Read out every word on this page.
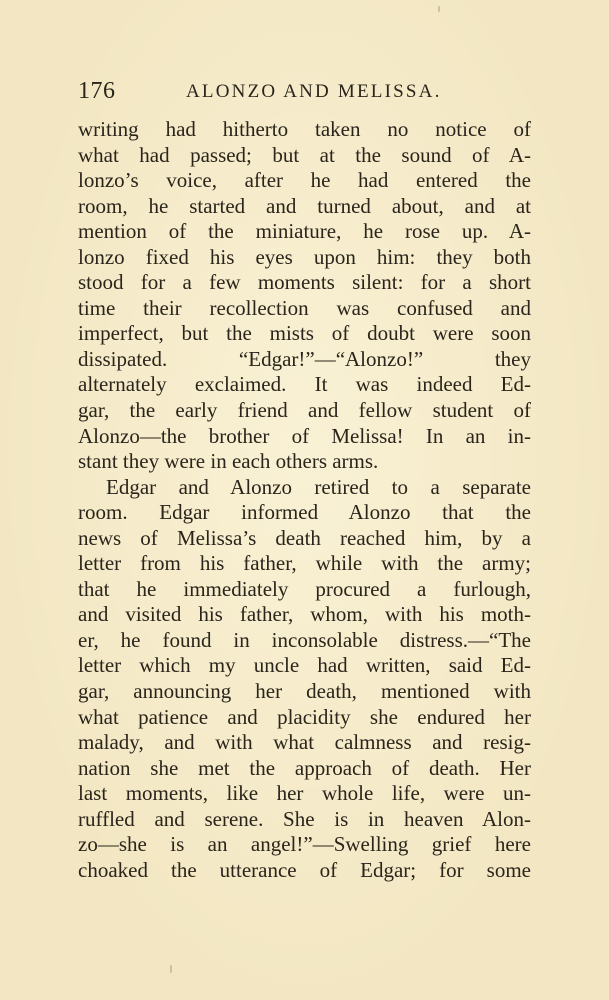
176	ALONZO AND MELISSA.
writing had hitherto taken no notice of
what had passed; but at the sound of A-
lonzo’s voice, after he had entered the
room, he started and turned about, and at
mention of the miniature, he rose up. A-
lonzo fixed his eyes upon him: they both
stood for a few moments silent: for a short
time their recollection was confused and
imperfect, but the mists of doubt were soon
dissipated. “Edgar!”—“Alonzo!” they
alternately exclaimed. It was indeed Ed-
gar, the early friend and fellow student of
Alonzo—the brother of Melissa! In an in-
stant they were in each others arms.
Edgar and Alonzo retired to a separate
room. Edgar informed Alonzo that the
news of Melissa’s death reached him, by a
letter from his father, while with the army;
that he immediately procured a furlough,
and visited his father, whom, with his moth-
er, he found in inconsolable distress.—“The
letter which my uncle had written, said Ed-
gar, announcing her death, mentioned with
what patience and placidity she endured her
malady, and with what calmness and resig-
nation she met the approach of death. Her
last moments, like her whole life, were un-
ruffled and serene. She is in heaven Alon-
zo—she is an angel!”—Swelling grief here
choaked the utterance of Edgar; for some
